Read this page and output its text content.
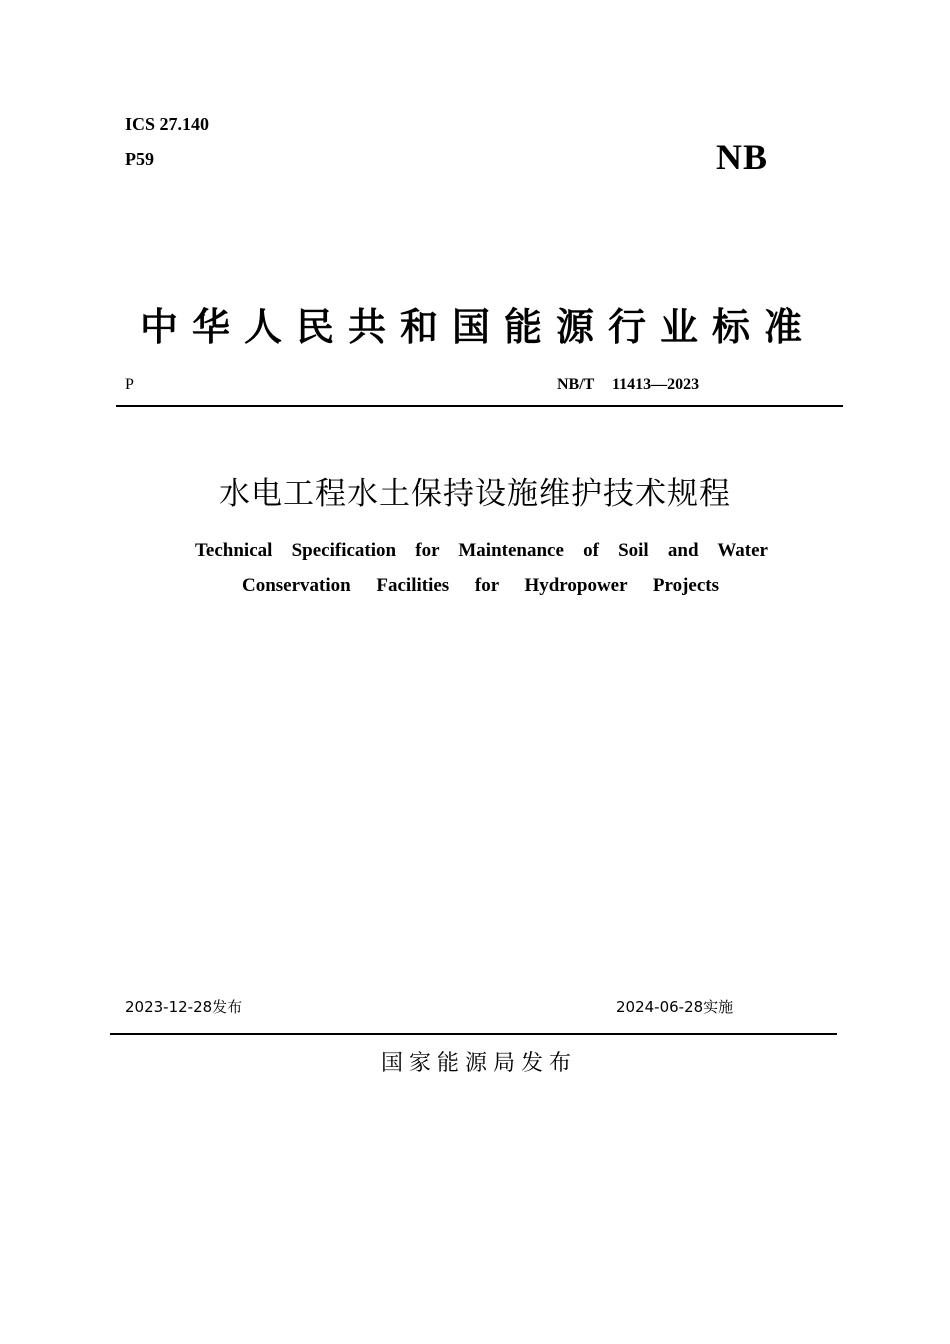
ICS 27.140
P59	NB
中华人民共和国能源行业标准
P	NB/T 11413—2023
水电工程水土保持设施维护技术规程
Technical Specification for Maintenance of Soil and Water
Conservation Facilities for Hydropower Projects
2023-12-28发布	2024-06-28实施
国家能源局发布
